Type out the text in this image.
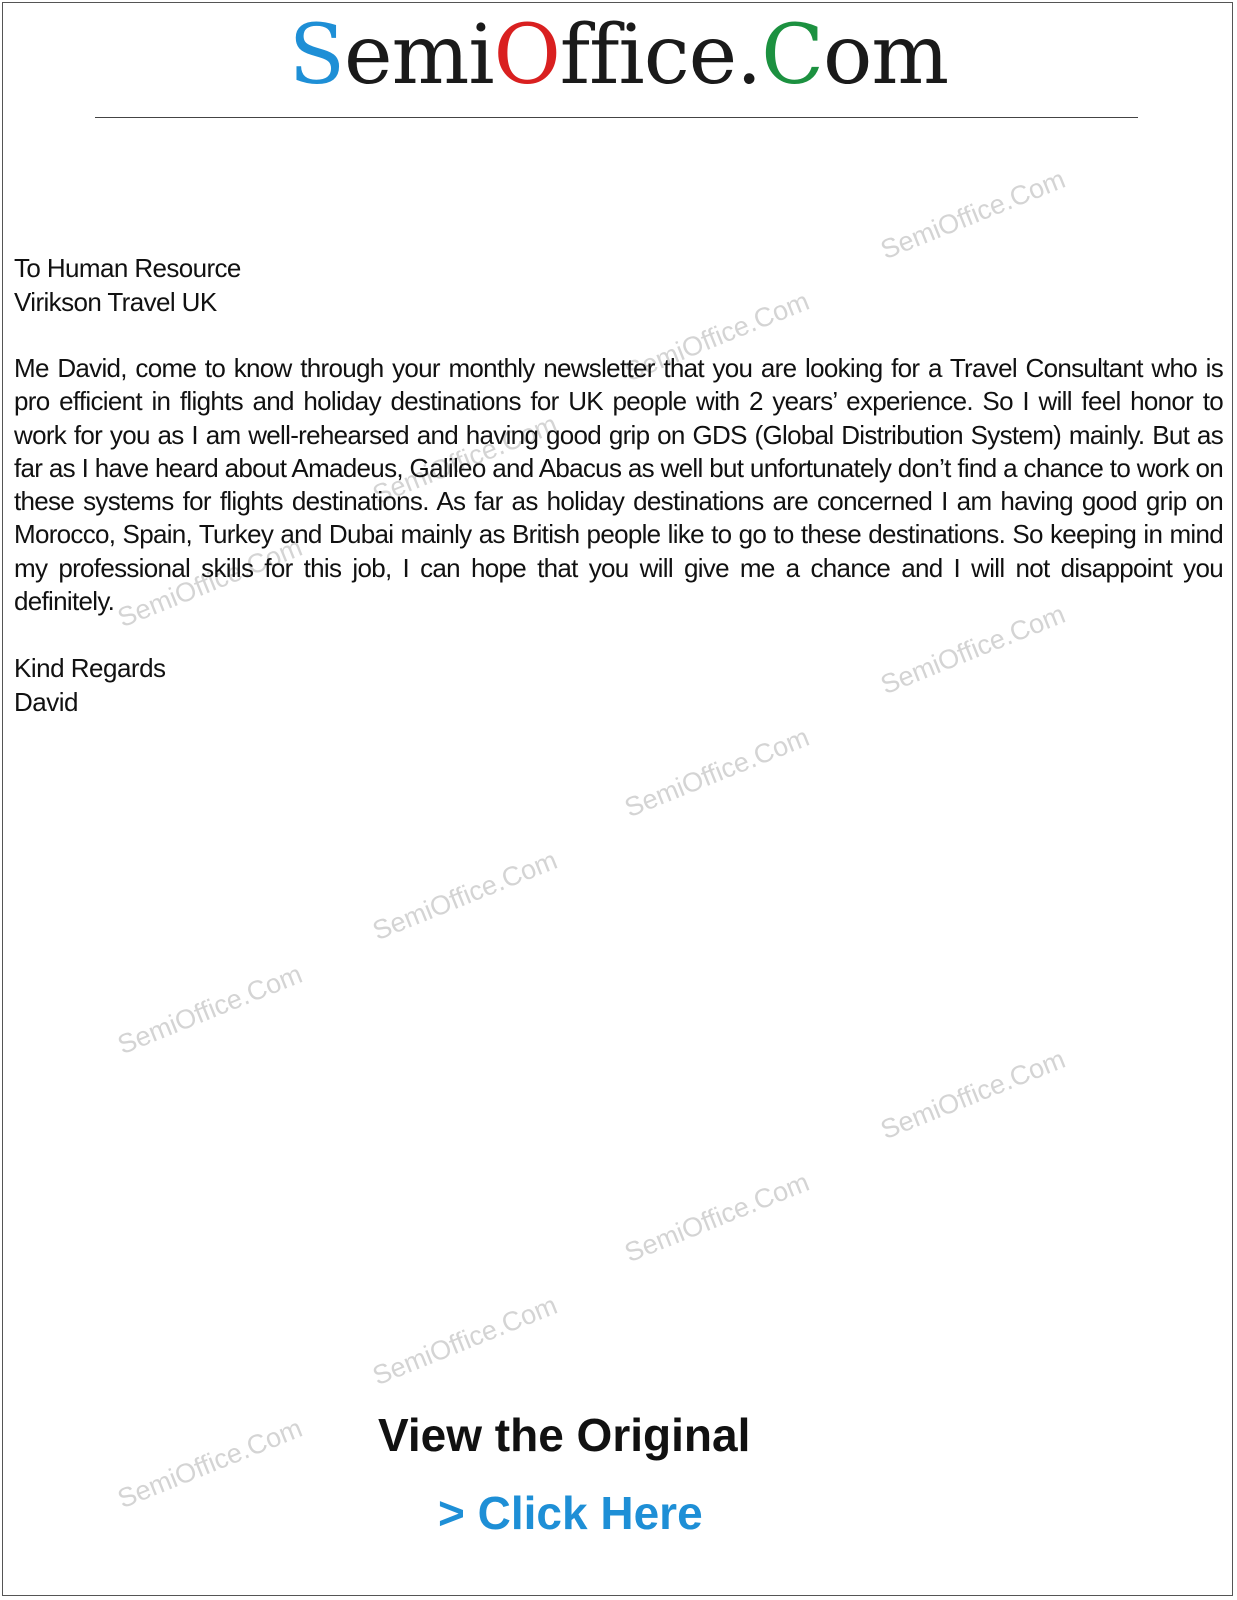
SemiOffice.Com
SemiOffice.Com
SemiOffice.Com
SemiOffice.Com
SemiOffice.Com
SemiOffice.Com
SemiOffice.Com
SemiOffice.Com
SemiOffice.Com
SemiOffice.Com
SemiOffice.Com
SemiOffice.Com
SemiOffice.Com
To Human Resource
Virikson Travel UK
Me David, come to know through your monthly newsletter that you are looking for a Travel Consultant who is pro efficient in flights and holiday destinations for UK people with 2 years’ experience. So I will feel honor to work for you as I am well-rehearsed and having good grip on GDS (Global Distribution System) mainly. But as far as I have heard about Amadeus, Galileo and Abacus as well but unfortunately don’t find a chance to work on these systems for flights destinations. As far as holiday destinations are concerned I am having good grip on Morocco, Spain, Turkey and Dubai mainly as British people like to go to these destinations. So keeping in mind my professional skills for this job, I can hope that you will give me a chance and I will not disappoint you definitely.
Kind Regards
David
View the Original
> Click Here
